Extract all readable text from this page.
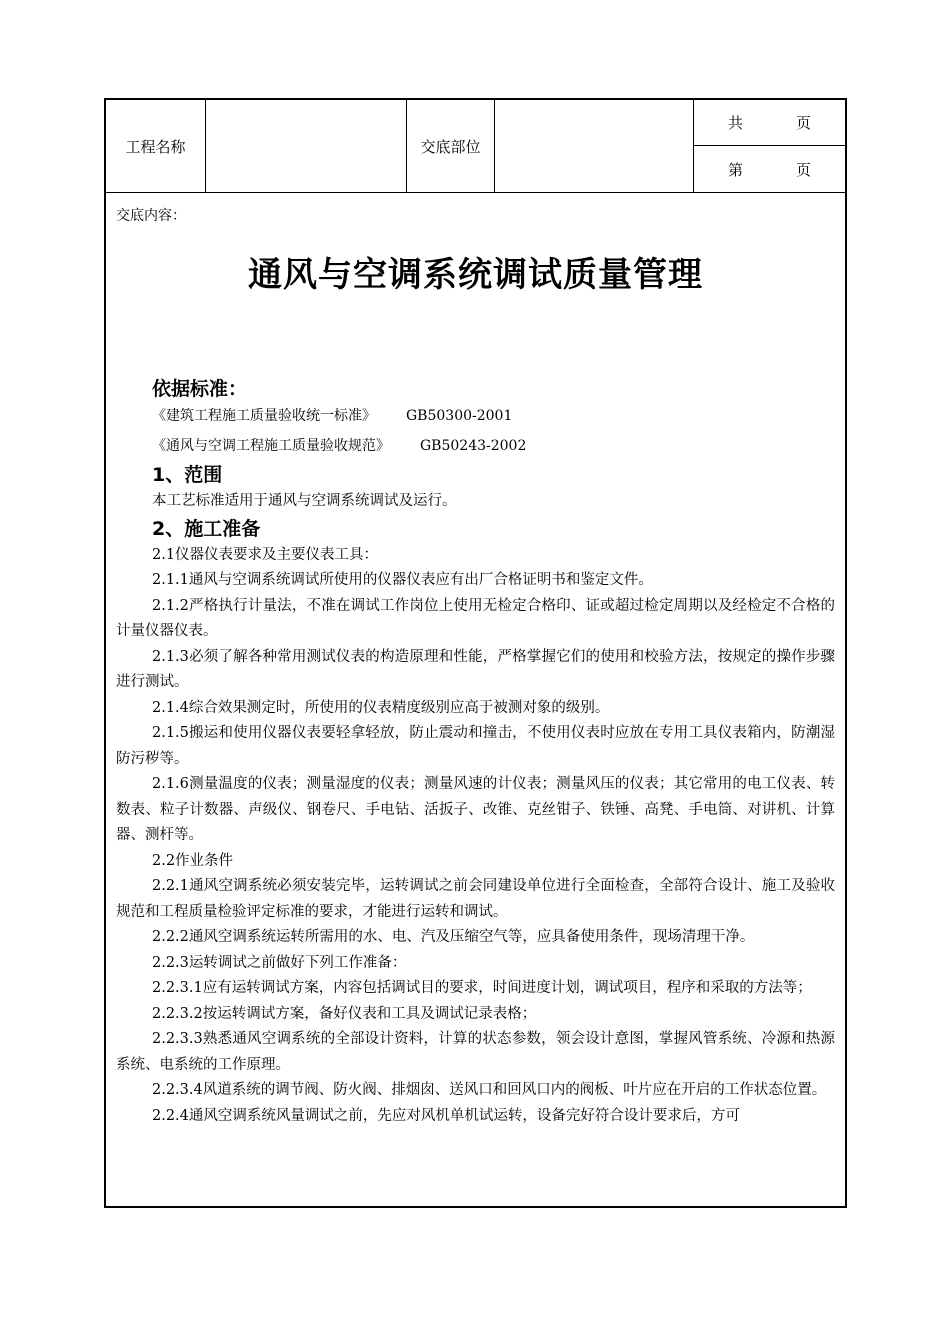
工程名称	交底部位
共	页
第	页
交底内容：
通风与空调系统调试质量管理
依据标准：
《建筑工程施工质量验收统一标准》 GB50300-2001
《通风与空调工程施工质量验收规范》 GB50243-2002
1、范围

本工艺标准适用于通风与空调系统调试及运行。

2、施工准备

2.1仪器仪表要求及主要仪表工具：

2.1.1通风与空调系统调试所使用的仪器仪表应有出厂合格证明书和鉴定文件。

2.1.2严格执行计量法，不准在调试工作岗位上使用无检定合格印、证或超过检定周期以及经检定不合格的计量仪器仪表。

2.1.3必须了解各种常用测试仪表的构造原理和性能，严格掌握它们的使用和校验方法，按规定的操作步骤进行测试。

2.1.4综合效果测定时，所使用的仪表精度级别应高于被测对象的级别。

2.1.5搬运和使用仪器仪表要轻拿轻放，防止震动和撞击，不使用仪表时应放在专用工具仪表箱内，防潮湿防污秽等。

2.1.6测量温度的仪表；测量湿度的仪表；测量风速的计仪表；测量风压的仪表；其它常用的电工仪表、转数表、粒子计数器、声级仪、钢卷尺、手电钻、活扳子、改锥、克丝钳子、铁锤、高凳、手电筒、对讲机、计算器、测杆等。

2.2作业条件

2.2.1通风空调系统必须安装完毕，运转调试之前会同建设单位进行全面检查，全部符合设计、施工及验收规范和工程质量检验评定标准的要求，才能进行运转和调试。

2.2.2通风空调系统运转所需用的水、电、汽及压缩空气等，应具备使用条件，现场清理干净。

2.2.3运转调试之前做好下列工作准备：

2.2.3.1应有运转调试方案，内容包括调试目的要求，时间进度计划，调试项目，程序和采取的方法等；

2.2.3.2按运转调试方案，备好仪表和工具及调试记录表格；

2.2.3.3熟悉通风空调系统的全部设计资料，计算的状态参数，领会设计意图，掌握风管系统、冷源和热源系统、电系统的工作原理。

2.2.3.4风道系统的调节阀、防火阀、排烟囱、送风口和回风口内的阀板、叶片应在开启的工作状态位置。

2.2.4通风空调系统风量调试之前，先应对风机单机试运转，设备完好符合设计要求后，方可
